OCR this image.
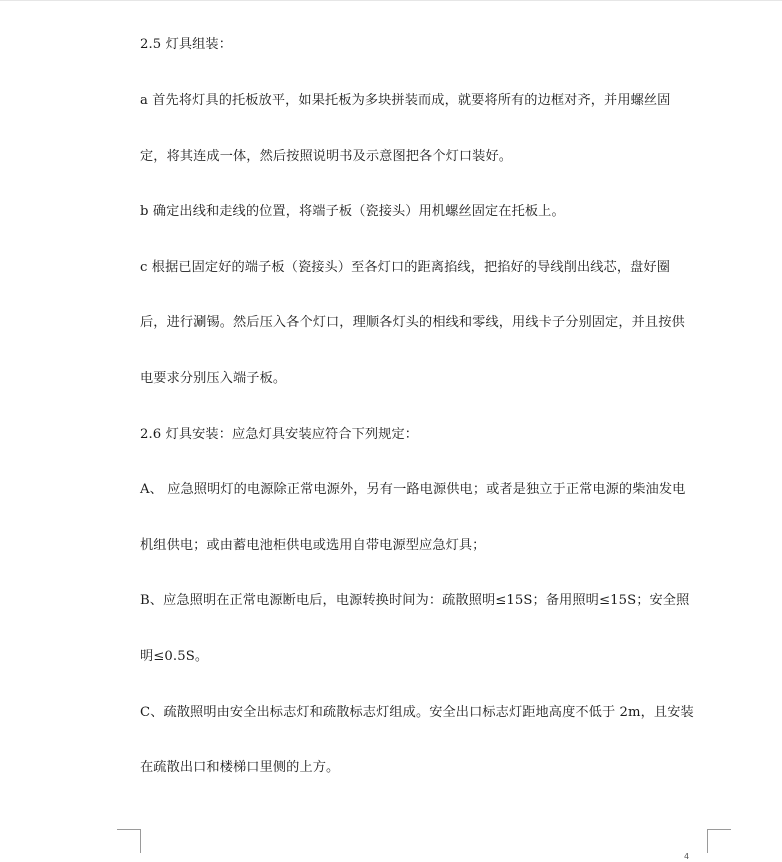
2.5 灯具组装：
a 首先将灯具的托板放平，如果托板为多块拼装而成，就要将所有的边框对齐，并用螺丝固
定，将其连成一体，然后按照说明书及示意图把各个灯口装好。
b 确定出线和走线的位置，将端子板（瓷接头）用机螺丝固定在托板上。
c 根据已固定好的端子板（瓷接头）至各灯口的距离掐线，把掐好的导线削出线芯，盘好圈
后，进行涮锡。然后压入各个灯口，理顺各灯头的相线和零线，用线卡子分别固定，并且按供
电要求分别压入端子板。
2.6 灯具安装：应急灯具安装应符合下列规定：
A、 应急照明灯的电源除正常电源外，另有一路电源供电；或者是独立于正常电源的柴油发电
机组供电；或由蓄电池柜供电或选用自带电源型应急灯具；
B、应急照明在正常电源断电后，电源转换时间为：疏散照明≤15S；备用照明≤15S；安全照
明≤0.5S。
C、疏散照明由安全出标志灯和疏散标志灯组成。安全出口标志灯距地高度不低于 2m，且安装
在疏散出口和楼梯口里侧的上方。
4
